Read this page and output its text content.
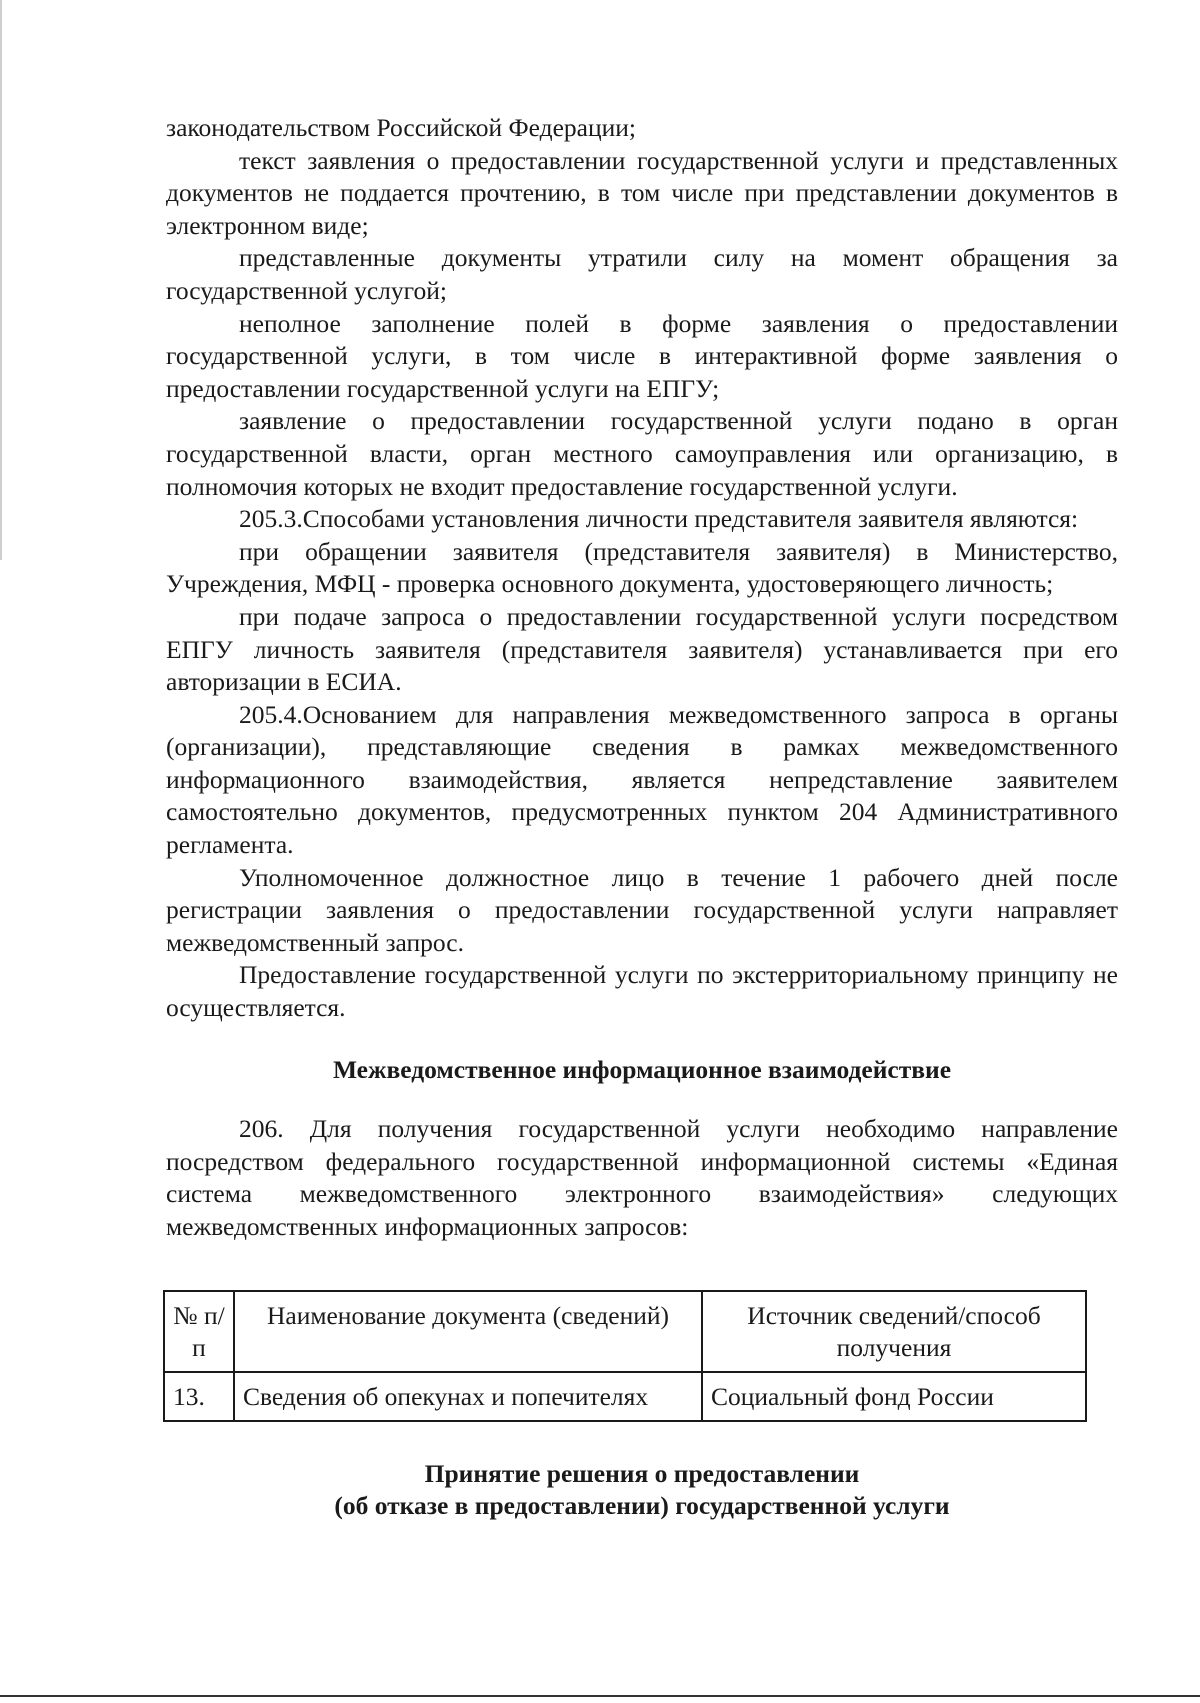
законодательством Российской Федерации;

текст заявления о предоставлении государственной услуги и представленных документов не поддается прочтению, в том числе при представлении документов в электронном виде;

представленные документы утратили силу на момент обращения за государственной услугой;

неполное заполнение полей в форме заявления о предоставлении государственной услуги, в том числе в интерактивной форме заявления о предоставлении государственной услуги на ЕПГУ;

заявление о предоставлении государственной услуги подано в орган государственной власти, орган местного самоуправления или организацию, в полномочия которых не входит предоставление государственной услуги.

205.3.Способами установления личности представителя заявителя являются:

при обращении заявителя (представителя заявителя) в Министерство, Учреждения, МФЦ - проверка основного документа, удостоверяющего личность;

при подаче запроса о предоставлении государственной услуги посредством ЕПГУ личность заявителя (представителя заявителя) устанавливается при его авторизации в ЕСИА.

205.4.Основанием для направления межведомственного запроса в органы (организации), представляющие сведения в рамках межведомственного информационного взаимодействия, является непредставление заявителем самостоятельно документов, предусмотренных пунктом 204 Административного регламента.

Уполномоченное должностное лицо в течение 1 рабочего дней после регистрации заявления о предоставлении государственной услуги направляет межведомственный запрос.

Предоставление государственной услуги по экстерриториальному принципу не осуществляется.

Межведомственное информационное взаимодействие

206. Для получения государственной услуги необходимо направление посредством федерального государственной информационной системы «Единая система межведомственного электронного взаимодействия» следующих межведомственных информационных запросов:

№ п/п	Наименование документа (сведений)	Источник сведений/способ получения
13.	Сведения об опекунах и попечителях	Социальный фонд России

Принятие решения о предоставлении

(об отказе в предоставлении) государственной услуги
